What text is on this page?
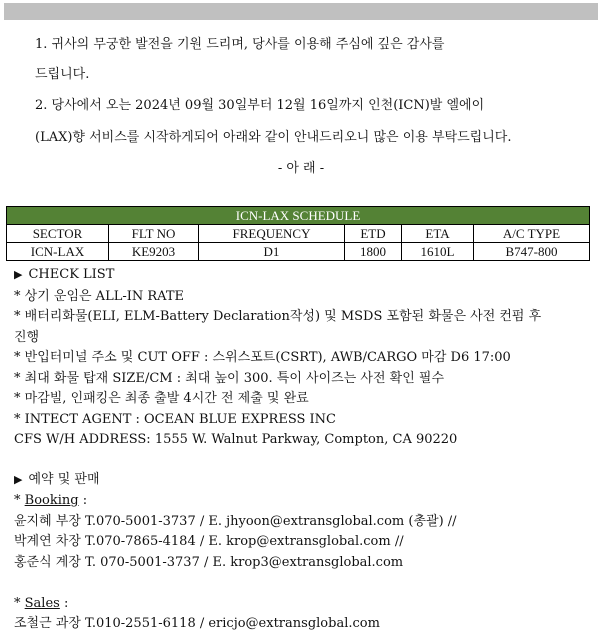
1. 귀사의 무궁한 발전을 기원 드리며, 당사를 이용해 주심에 깊은 감사를
드립니다.
2. 당사에서 오는 2024년 09월 30일부터 12월 16일까지 인천(ICN)발 엘에이
(LAX)향 서비스를 시작하게되어 아래와 같이 안내드리오니 많은 이용 부탁드립니다.
- 아 래 -
ICN-LAX SCHEDULE					
SECTOR	FLT NO	FREQUENCY	ETD	ETA	A/C TYPE
ICN-LAX	KE9203	D1	1800	1610L	B747-800
▶ CHECK LIST
* 상기 운임은 ALL-IN RATE
* 배터리화물(ELI, ELM-Battery Declaration작성) 및 MSDS 포함된 화물은 사전 컨펌 후
진행
* 반입터미널 주소 및 CUT OFF : 스위스포트(CSRT), AWB/CARGO 마감 D6 17:00
* 최대 화물 탑재 SIZE/CM : 최대 높이 300. 특이 사이즈는 사전 확인 필수
* 마감빌, 인패킹은 최종 출발 4시간 전 제출 및 완료
* INTECT AGENT : OCEAN BLUE EXPRESS INC
CFS W/H ADDRESS: 1555 W. Walnut Parkway, Compton, CA 90220
▶ 예약 및 판매
* Booking :
윤지혜 부장 T.070-5001-3737 / E. jhyoon@extransglobal.com (총괄) //
박계연 차장 T.070-7865-4184 / E. krop@extransglobal.com //
홍준식 계장 T. 070-5001-3737 / E. krop3@extransglobal.com
* Sales :
조철근 과장 T.010-2551-6118 / ericjo@extransglobal.com
